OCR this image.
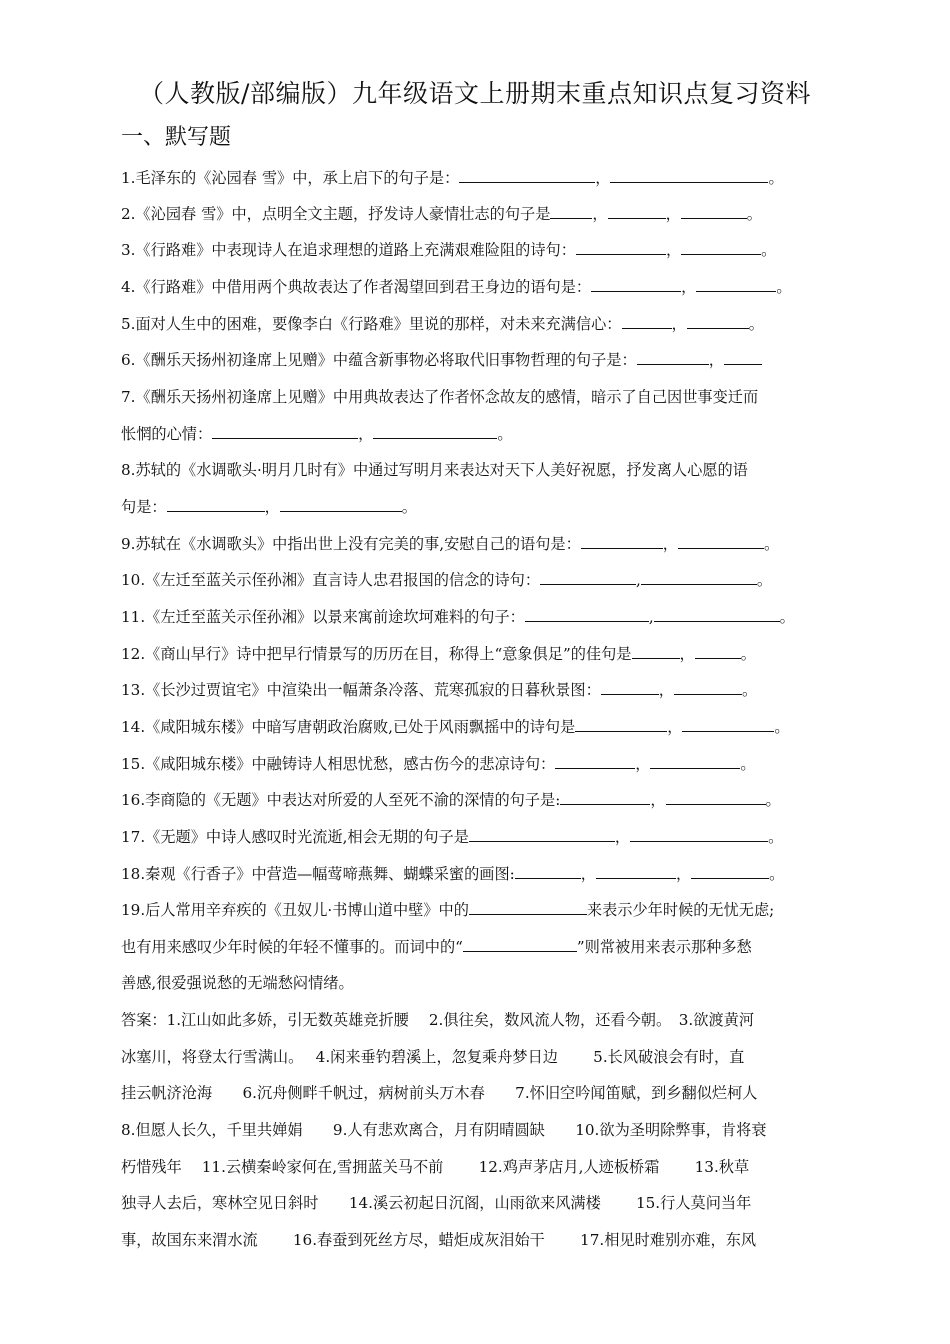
（人教版/部编版）九年级语文上册期末重点知识点复习资料
一、默写题
1.毛泽东的《沁园春 雪》中，承上启下的句子是：	，	。
2.《沁园春 雪》中，点明全文主题，抒发诗人豪情壮志的句子是	，	，	。
3.《行路难》中表现诗人在追求理想的道路上充满艰难险阻的诗句：	，	。
4.《行路难》中借用两个典故表达了作者渴望回到君王身边的语句是：	，	。
5.面对人生中的困难，要像李白《行路难》里说的那样，对未来充满信心：	，	。
6.《酬乐天扬州初逢席上见赠》中蕴含新事物必将取代旧事物哲理的句子是：	，
7.《酬乐天扬州初逢席上见赠》中用典故表达了作者怀念故友的感情，暗示了自己因世事变迁而
怅惘的心情：	，	。
8.苏轼的《水调歌头·明月几时有》中通过写明月来表达对天下人美好祝愿，抒发离人心愿的语
句是：	，	。
9.苏轼在《水调歌头》中指出世上没有完美的事,安慰自己的语句是：	，	。
10.《左迁至蓝关示侄孙湘》直言诗人忠君报国的信念的诗句：	,	。
11.《左迁至蓝关示侄孙湘》以景来寓前途坎坷难料的句子：	,	。
12.《商山早行》诗中把早行情景写的历历在目，称得上“意象俱足”的佳句是	，	。
13.《长沙过贾谊宅》中渲染出一幅萧条冷落、荒寒孤寂的日暮秋景图：	，	。
14.《咸阳城东楼》中暗写唐朝政治腐败,已处于风雨飘摇中的诗句是	，	。
15.《咸阳城东楼》中融铸诗人相思忧愁，感古伤今的悲凉诗句：	，	。
16.李商隐的《无题》中表达对所爱的人至死不渝的深情的句子是:	，	。
17.《无题》中诗人感叹时光流逝,相会无期的句子是	，	。
18.秦观《行香子》中营造—幅莺啼燕舞、蝴蝶采蜜的画图:	，	，	。
19.后人常用辛弃疾的《丑奴儿·书博山道中壁》中的	来表示少年时候的无忧无虑;
也有用来感叹少年时候的年轻不懂事的。而词中的“	”则常被用来表示那种多愁
善感,很爱强说愁的无端愁闷情绪。
答案：1.江山如此多娇，引无数英雄竞折腰　 2.俱往矣，数风流人物，还看今朝。　3.欲渡黄河
冰塞川，将登太行雪满山。　 4.闲来垂钓碧溪上，忽复乘舟梦日边　　 5.长风破浪会有时，直
挂云帆济沧海　　6.沉舟侧畔千帆过，病树前头万木春　　7.怀旧空吟闻笛赋，到乡翻似烂柯人
8.但愿人长久，千里共婵娟　　9.人有悲欢离合，月有阴晴圆缺　　10.欲为圣明除弊事，肯将衰
朽惜残年　 11.云横秦岭家何在,雪拥蓝关马不前　　 12.鸡声茅店月,人迹板桥霜　　 13.秋草
独寻人去后，寒林空见日斜时　　14.溪云初起日沉阁，山雨欲来风满楼　　 15.行人莫问当年
事，故国东来渭水流　　 16.春蚕到死丝方尽，蜡炬成灰泪始干　　 17.相见时难别亦难，东风
